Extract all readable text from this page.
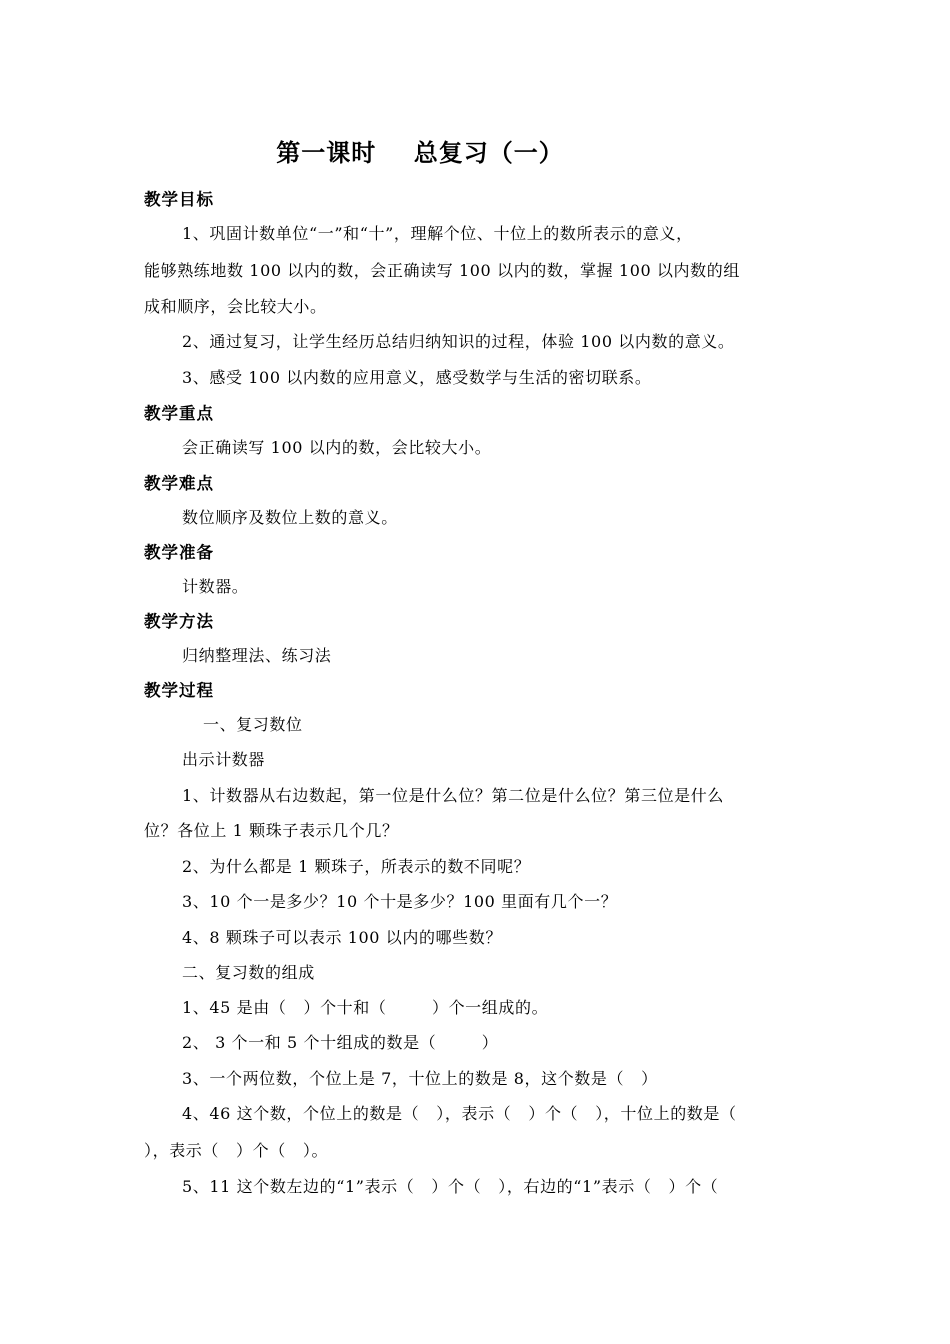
第一课时    总复习（一）
教学目标
1、巩固计数单位“一”和“十”，理解个位、十位上的数所表示的意义，
能够熟练地数 100 以内的数，会正确读写 100 以内的数，掌握 100 以内数的组
成和顺序，会比较大小。
2、通过复习，让学生经历总结归纳知识的过程，体验 100 以内数的意义。
3、感受 100 以内数的应用意义，感受数学与生活的密切联系。
教学重点
会正确读写 100 以内的数，会比较大小。
教学难点
数位顺序及数位上数的意义。
教学准备
计数器。
教学方法
归纳整理法、练习法
教学过程
一、复习数位
出示计数器
1、计数器从右边数起，第一位是什么位？第二位是什么位？第三位是什么
位？各位上 1 颗珠子表示几个几？
2、为什么都是 1 颗珠子，所表示的数不同呢？
3、10 个一是多少？10 个十是多少？100 里面有几个一？
4、8 颗珠子可以表示 100 以内的哪些数？
二、复习数的组成
1、45 是由（   ）个十和（        ）个一组成的。
2、 3 个一和 5 个十组成的数是（        ）
3、一个两位数，个位上是 7，十位上的数是 8，这个数是（   ）
4、46 这个数，个位上的数是（   ），表示（   ）个（   ），十位上的数是（
），表示（   ）个（   ）。
5、11 这个数左边的“1”表示（   ）个（   ），右边的“1”表示（   ）个（
